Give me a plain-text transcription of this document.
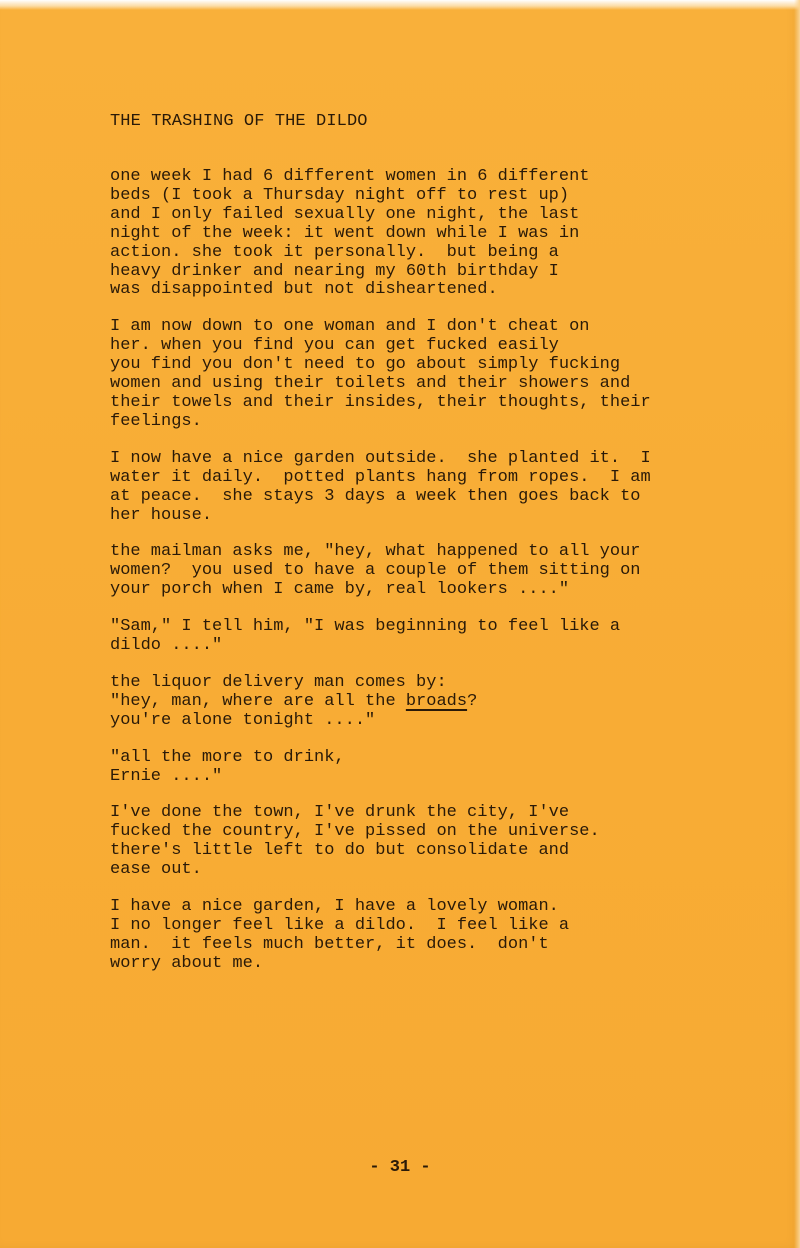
THE TRASHING OF THE DILDO
one week I had 6 different women in 6 different
beds (I took a Thursday night off to rest up)
and I only failed sexually one night, the last
night of the week: it went down while I was in
action. she took it personally.  but being a
heavy drinker and nearing my 60th birthday I
was disappointed but not disheartened.
I am now down to one woman and I don't cheat on
her. when you find you can get fucked easily
you find you don't need to go about simply fucking
women and using their toilets and their showers and
their towels and their insides, their thoughts, their
feelings.
I now have a nice garden outside.  she planted it.  I
water it daily.  potted plants hang from ropes.  I am
at peace.  she stays 3 days a week then goes back to
her house.
the mailman asks me, "hey, what happened to all your
women?  you used to have a couple of them sitting on
your porch when I came by, real lookers ...."
"Sam," I tell him, "I was beginning to feel like a
dildo ...."
the liquor delivery man comes by:
"hey, man, where are all the broads?
you're alone tonight ...."
"all the more to drink,
Ernie ...."
I've done the town, I've drunk the city, I've
fucked the country, I've pissed on the universe.
there's little left to do but consolidate and
ease out.
I have a nice garden, I have a lovely woman.
I no longer feel like a dildo.  I feel like a
man.  it feels much better, it does.  don't
worry about me.
- 31 -
